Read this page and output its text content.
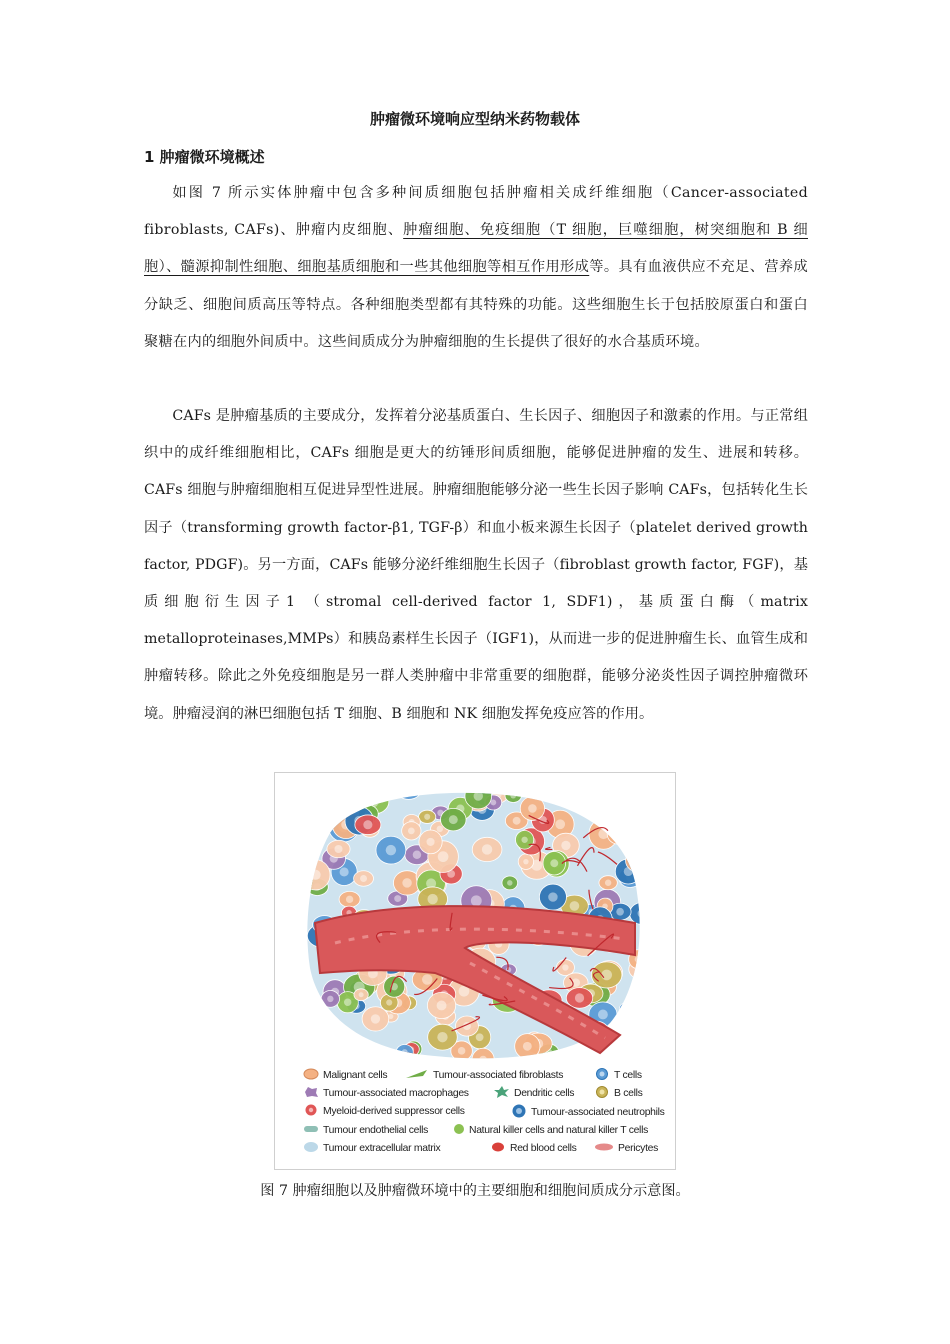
肿瘤微环境响应型纳米药物载体
1 肿瘤微环境概述

如图 7 所示实体肿瘤中包含多种间质细胞包括肿瘤相关成纤维细胞（Cancer-associated fibroblasts, CAFs)、肿瘤内皮细胞、肿瘤细胞、免疫细胞（T 细胞，巨噬细胞，树突细胞和 B 细胞）、髓源抑制性细胞、细胞基质细胞和一些其他细胞等相互作用形成等。具有血液供应不充足、营养成分缺乏、细胞间质高压等特点。各种细胞类型都有其特殊的功能。这些细胞生长于包括胶原蛋白和蛋白聚糖在内的细胞外间质中。这些间质成分为肿瘤细胞的生长提供了很好的水合基质环境。

CAFs 是肿瘤基质的主要成分，发挥着分泌基质蛋白、生长因子、细胞因子和激素的作用。与正常组织中的成纤维细胞相比，CAFs 细胞是更大的纺锤形间质细胞，能够促进肿瘤的发生、进展和转移。CAFs 细胞与肿瘤细胞相互促进异型性进展。肿瘤细胞能够分泌一些生长因子影响 CAFs，包括转化生长因子（transforming growth factor-β1, TGF-β）和血小板来源生长因子（platelet derived growth factor, PDGF)。另一方面，CAFs 能够分泌纤维细胞生长因子（fibroblast growth factor, FGF)，基质细胞衍生因子1 （stromal cell-derived factor 1, SDF1)，基质蛋白酶（matrix metalloproteinases,MMPs）和胰岛素样生长因子（IGF1)，从而进一步的促进肿瘤生长、血管生成和肿瘤转移。除此之外免疫细胞是另一群人类肿瘤中非常重要的细胞群，能够分泌炎性因子调控肿瘤微环境。肿瘤浸润的淋巴细胞包括 T 细胞、B 细胞和 NK 细胞发挥免疫应答的作用。

Malignant cells	Tumour-associated fibroblasts	T cells
Tumour-associated macrophages	Dendritic cells	B cells
Myeloid-derived suppressor cells	Tumour-associated neutrophils
Tumour endothelial cells	Natural killer cells and natural killer T cells
Tumour extracellular matrix	Red blood cells	Pericytes
图 7 肿瘤细胞以及肿瘤微环境中的主要细胞和细胞间质成分示意图。
